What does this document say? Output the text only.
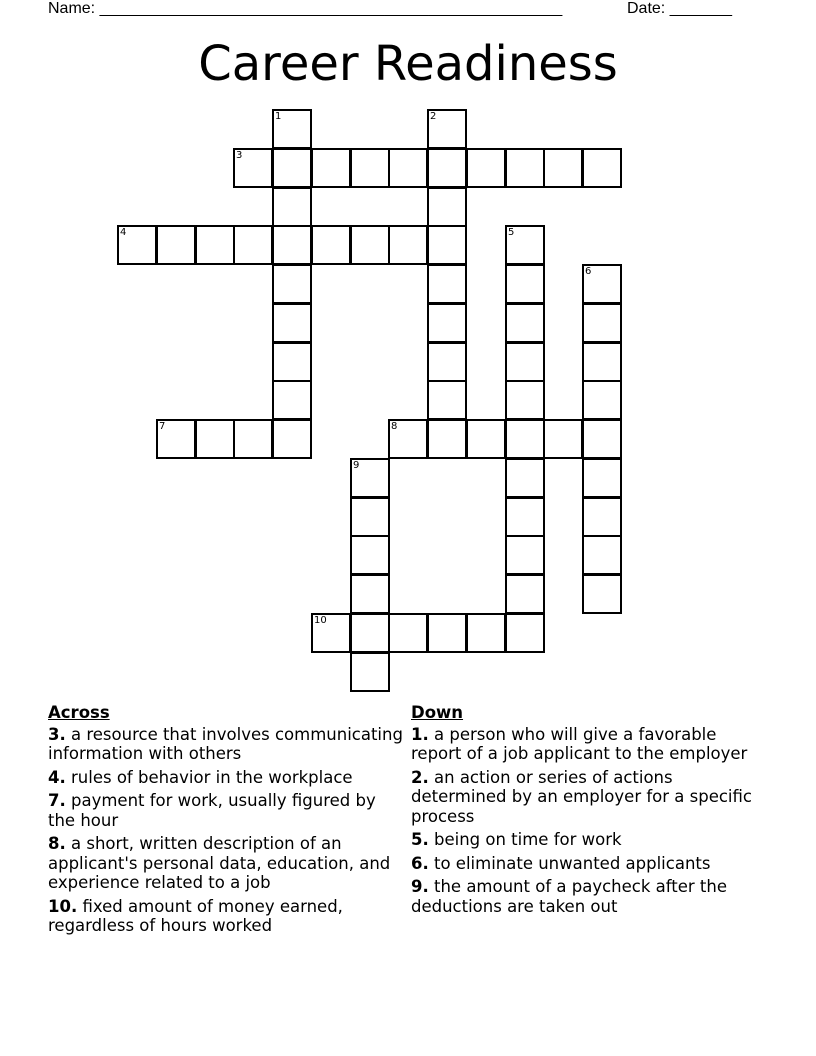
Name: ____________________________________________________	Date: _______
Career Readiness
1	2
3
4	5
6
7	8
9
10
Across
3. a resource that involves communicating information with others
4. rules of behavior in the workplace
7. payment for work, usually figured by the hour
8. a short, written description of an applicant's personal data, education, and experience related to a job
10. fixed amount of money earned, regardless of hours worked
Down
1. a person who will give a favorable report of a job applicant to the employer
2. an action or series of actions determined by an employer for a specific process
5. being on time for work
6. to eliminate unwanted applicants
9. the amount of a paycheck after the deductions are taken out
